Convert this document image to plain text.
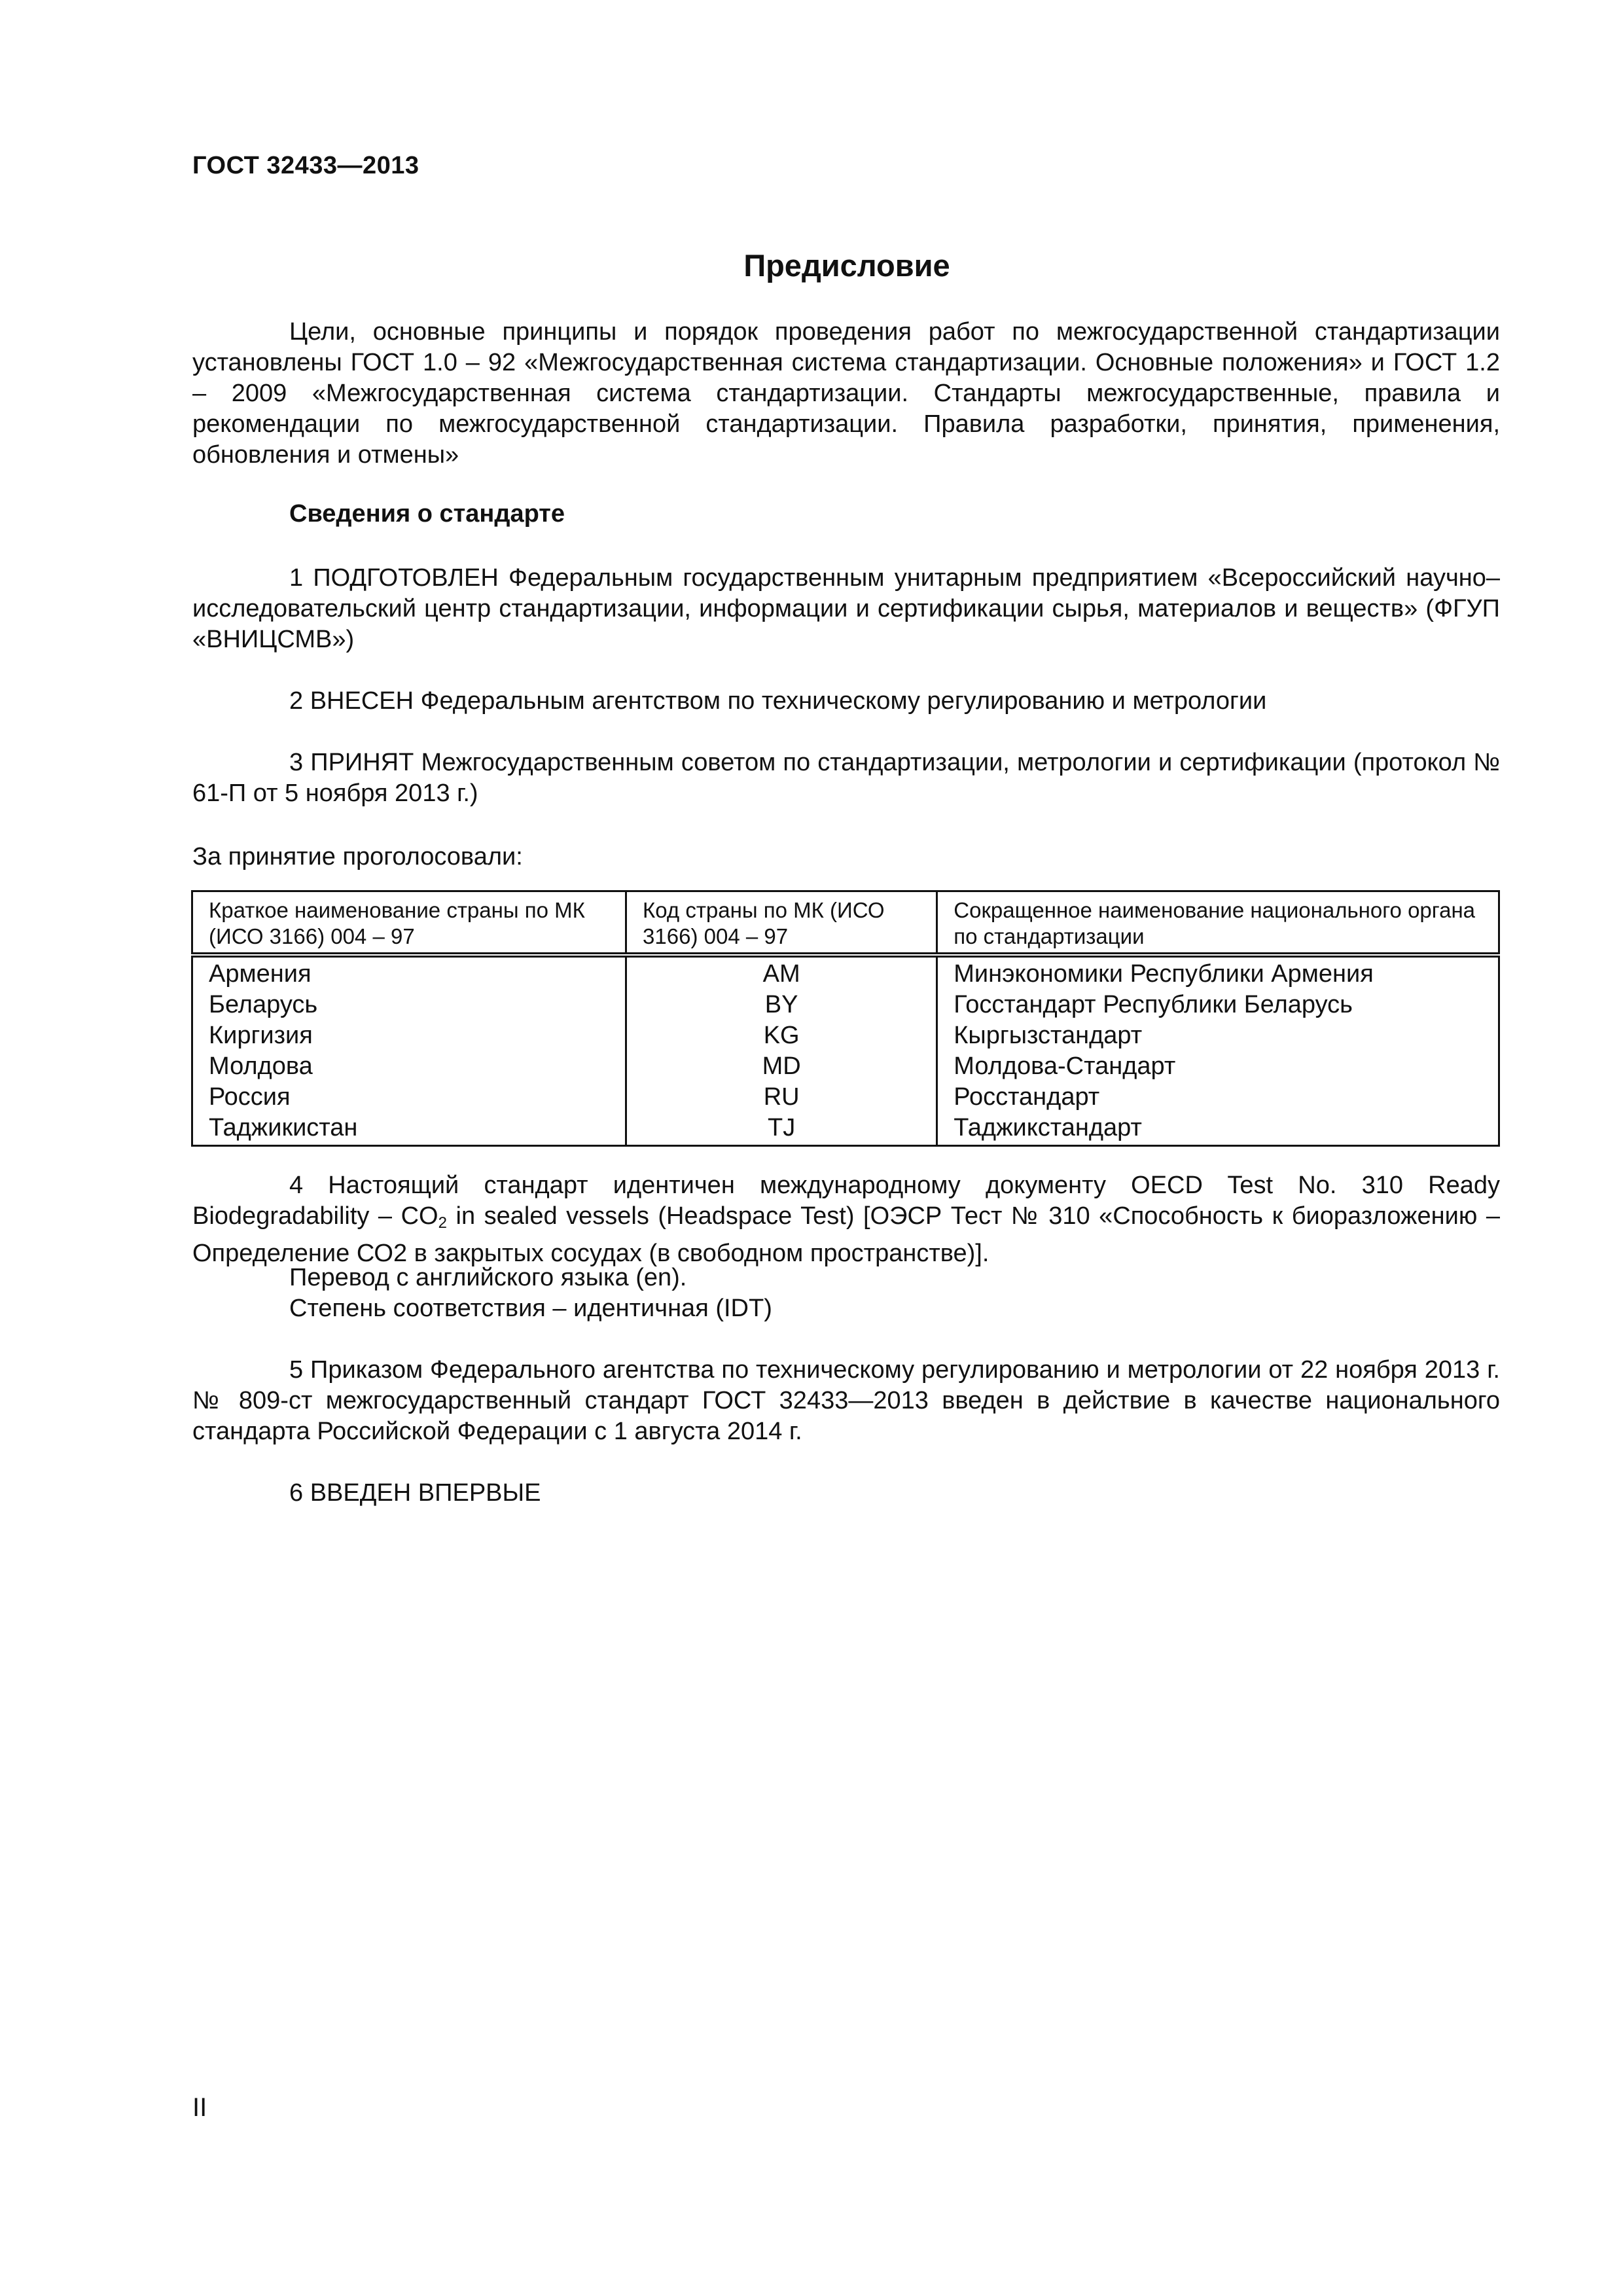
ГОСТ 32433—2013
Предисловие
Цели, основные принципы и порядок проведения работ по межгосударственной стандартизации установлены ГОСТ 1.0 – 92 «Межгосударственная система стандартизации. Основные положения» и ГОСТ 1.2 – 2009 «Межгосударственная система стандартизации. Стандарты межгосударственные, правила и рекомендации по межгосударственной стандартизации. Правила разработки, принятия, применения, обновления и отмены»
Сведения о стандарте
1 ПОДГОТОВЛЕН Федеральным государственным унитарным предприятием «Всероссийский научно–исследовательский центр стандартизации, информации и сертификации сырья, материалов и веществ» (ФГУП «ВНИЦСМВ»)
2 ВНЕСЕН Федеральным агентством по техническому регулированию и метрологии
3 ПРИНЯТ Межгосударственным советом по стандартизации, метрологии и сертификации (протокол № 61-П от 5 ноября 2013 г.)
За принятие проголосовали:
Краткое наименование страны по МК (ИСО 3166) 004 – 97	Код страны по МК (ИСО 3166) 004 – 97	Сокращенное наименование национального органа по стандартизации
Армения	AM	Минэкономики Республики Армения
Беларусь	BY	Госстандарт Республики Беларусь
Киргизия	KG	Кыргызстандарт
Молдова	MD	Молдова-Стандарт
Россия	RU	Росстандарт
Таджикистан	TJ	Таджикстандарт
4 Настоящий стандарт идентичен международному документу OECD Test No. 310 Ready Biodegradability – $CO_2$ in sealed vessels (Headspace Test) [ОЭСР Тест № 310 «Способность к биоразложению – Определение СО2 в закрытых сосудах (в свободном пространстве)].
Перевод с английского языка (en).
Степень соответствия – идентичная (IDT)
5 Приказом Федерального агентства по техническому регулированию и метрологии от 22 ноября 2013 г. № 809-ст межгосударственный стандарт ГОСТ 32433—2013 введен в действие в качестве национального стандарта Российской Федерации с 1 августа 2014 г.
6 ВВЕДЕН ВПЕРВЫЕ
II
